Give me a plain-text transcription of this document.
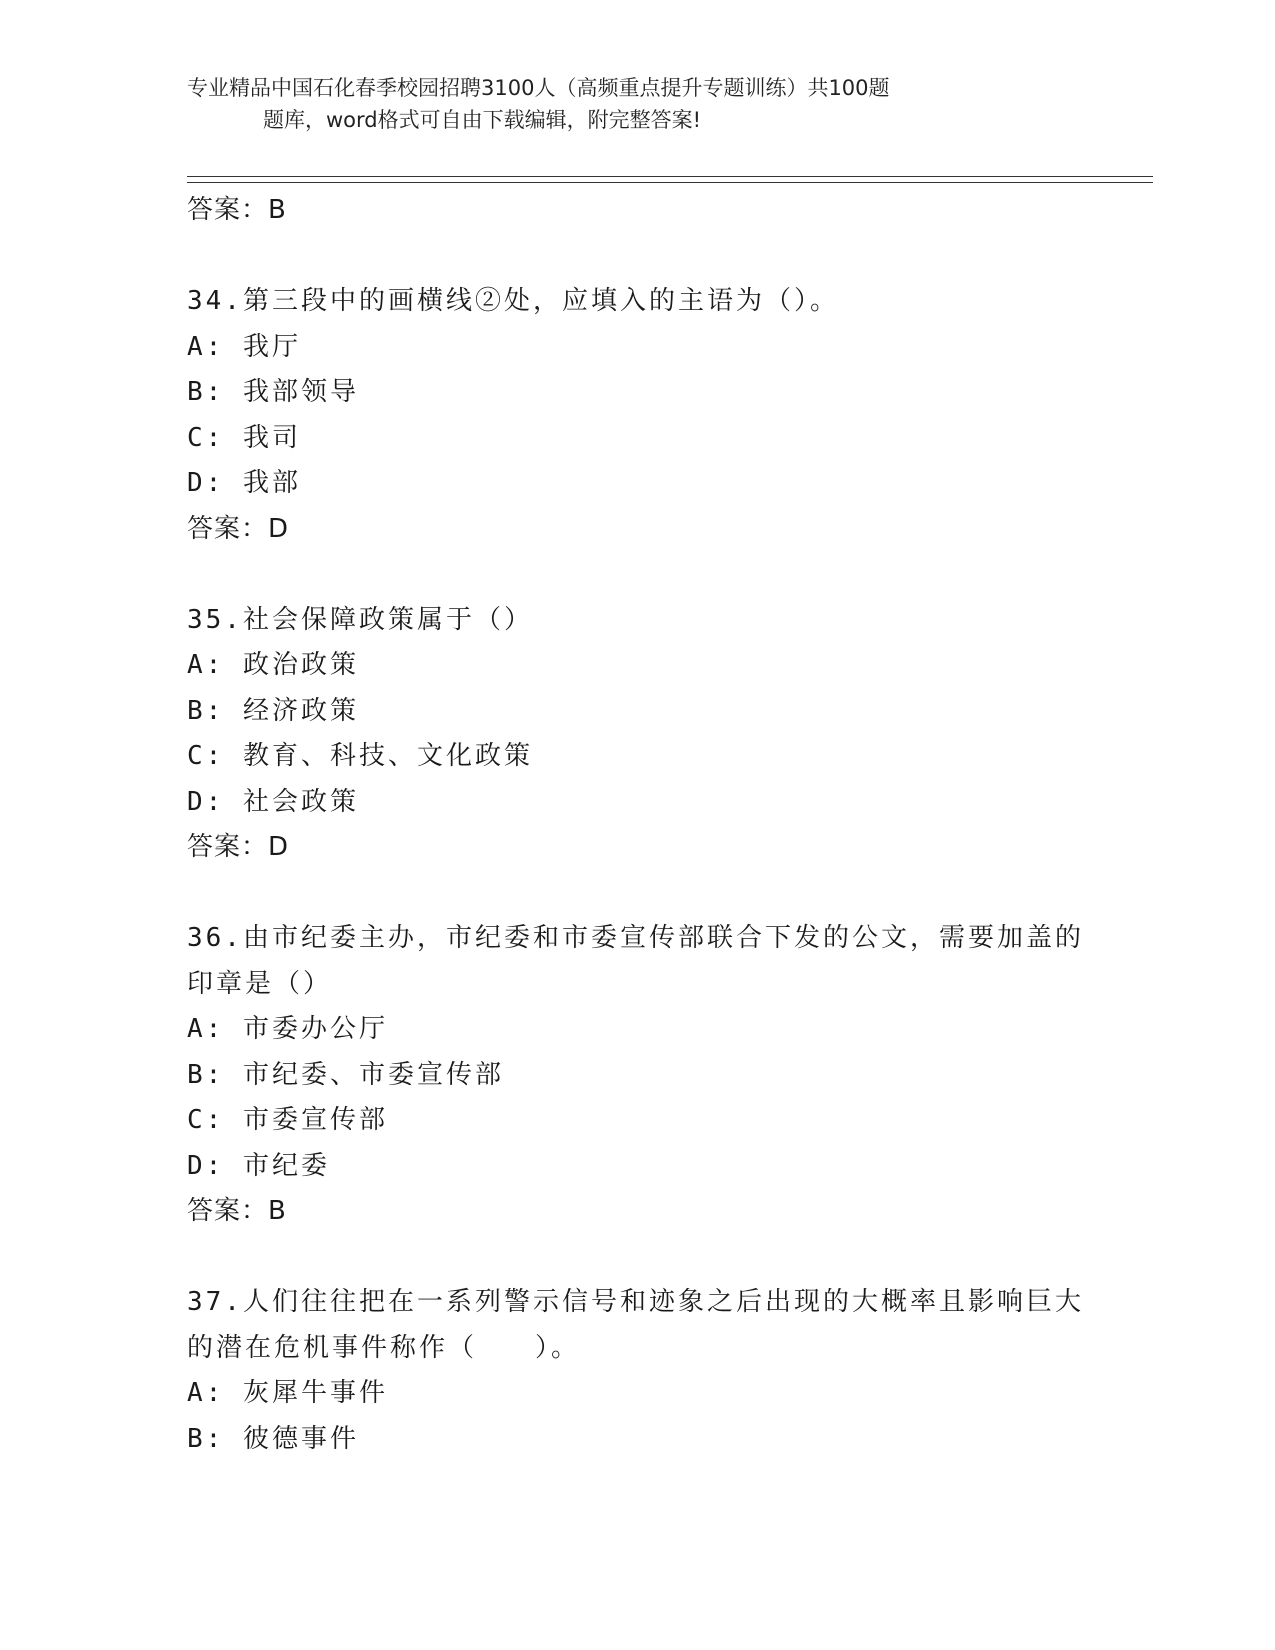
专业精品中国石化春季校园招聘3100人（高频重点提升专题训练）共100题
题库，word格式可自由下载编辑，附完整答案!
答案：B
34.第三段中的画横线②处，应填入的主语为（）。
A: 我厅
B: 我部领导
C: 我司
D: 我部
答案：D
35.社会保障政策属于（）
A: 政治政策
B: 经济政策
C: 教育、科技、文化政策
D: 社会政策
答案：D
36.由市纪委主办，市纪委和市委宣传部联合下发的公文，需要加盖的印章是（）
A: 市委办公厅
B: 市纪委、市委宣传部
C: 市委宣传部
D: 市纪委
答案：B
37.人们往往把在一系列警示信号和迹象之后出现的大概率且影响巨大的潜在危机事件称作（　　）。
A: 灰犀牛事件
B: 彼德事件
